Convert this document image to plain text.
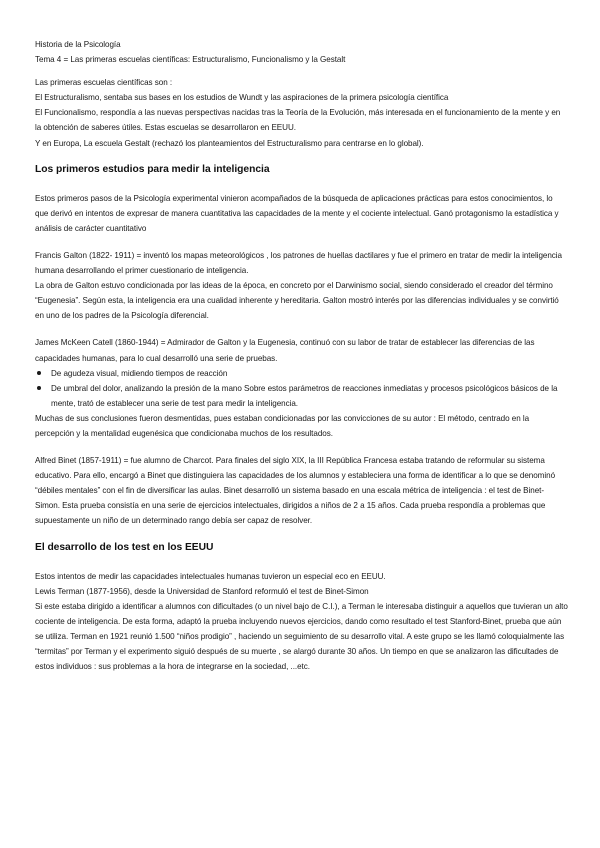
Historia de la Psicología

Tema 4 = Las primeras escuelas científicas: Estructuralismo, Funcionalismo y la Gestalt

Las primeras escuelas científicas son :

El Estructuralismo, sentaba sus bases en los estudios de Wundt y las aspiraciones de la primera psicología científica

El Funcionalismo, respondía a las nuevas perspectivas nacidas tras la Teoría de la Evolución, más interesada en el funcionamiento de la mente y en la obtención de saberes útiles. Estas escuelas se desarrollaron en EEUU.

Y en Europa, La escuela Gestalt (rechazó los planteamientos del Estructuralismo para centrarse en lo global).

Los primeros estudios para medir la inteligencia

Estos primeros pasos de la Psicología experimental vinieron acompañados de la búsqueda de aplicaciones prácticas para estos conocimientos, lo que derivó en intentos de expresar de manera cuantitativa las capacidades de la mente y el cociente intelectual. Ganó protagonismo la estadística y análisis de carácter cuantitativo

Francis Galton (1822- 1911) = inventó los mapas meteorológicos , los patrones de huellas dactilares y fue el primero en tratar de medir la inteligencia humana desarrollando el primer cuestionario de inteligencia.

La obra de Galton estuvo condicionada por las ideas de la época, en concreto por el Darwinismo social, siendo considerado el creador del término “Eugenesia”. Según esta, la inteligencia era una cualidad inherente y hereditaria. Galton mostró interés por las diferencias individuales y se convirtió en uno de los padres de la Psicología diferencial.

James McKeen Catell (1860-1944) = Admirador de Galton y la Eugenesia, continuó con su labor de tratar de establecer las diferencias de las capacidades humanas, para lo cual desarrolló una serie de pruebas.

De agudeza visual, midiendo tiempos de reacción
De umbral del dolor, analizando la presión de la mano Sobre estos parámetros de reacciones inmediatas y procesos psicológicos básicos de la mente, trató de establecer una serie de test para medir la inteligencia.

Muchas de sus conclusiones fueron desmentidas, pues estaban condicionadas por las convicciones de su autor : El método, centrado en la percepción y la mentalidad eugenésica que condicionaba muchos de los resultados.

Alfred Binet (1857-1911) = fue alumno de Charcot. Para finales del siglo XIX, la III República Francesa estaba tratando de reformular su sistema educativo. Para ello, encargó a Binet que distinguiera las capacidades de los alumnos y estableciera una forma de identificar a lo que se denominó “débiles mentales” con el fin de diversificar las aulas. Binet desarrolló un sistema basado en una escala métrica de inteligencia : el test de Binet-Simon. Esta prueba consistía en una serie de ejercicios intelectuales, dirigidos a niños de 2 a 15 años. Cada prueba respondía a problemas que supuestamente un niño de un determinado rango debía ser capaz de resolver.

El desarrollo de los test en los EEUU

Estos intentos de medir las capacidades intelectuales humanas tuvieron un especial eco en EEUU.

Lewis Terman (1877-1956), desde la Universidad de Stanford reformuló el test de Binet-Simon

Si este estaba dirigido a identificar a alumnos con dificultades (o un nivel bajo de C.I.), a Terman le interesaba distinguir a aquellos que tuvieran un alto cociente de inteligencia. De esta forma, adaptó la prueba incluyendo nuevos ejercicios, dando como resultado el test Stanford-Binet, prueba que aún se utiliza. Terman en 1921 reunió 1.500 “niños prodigio” , haciendo un seguimiento de su desarrollo vital. A este grupo se les llamó coloquialmente las “termitas” por Terman y el experimento siguió después de su muerte , se alargó durante 30 años. Un tiempo en que se analizaron las dificultades de estos individuos : sus problemas a la hora de integrarse en la sociedad, ...etc.
